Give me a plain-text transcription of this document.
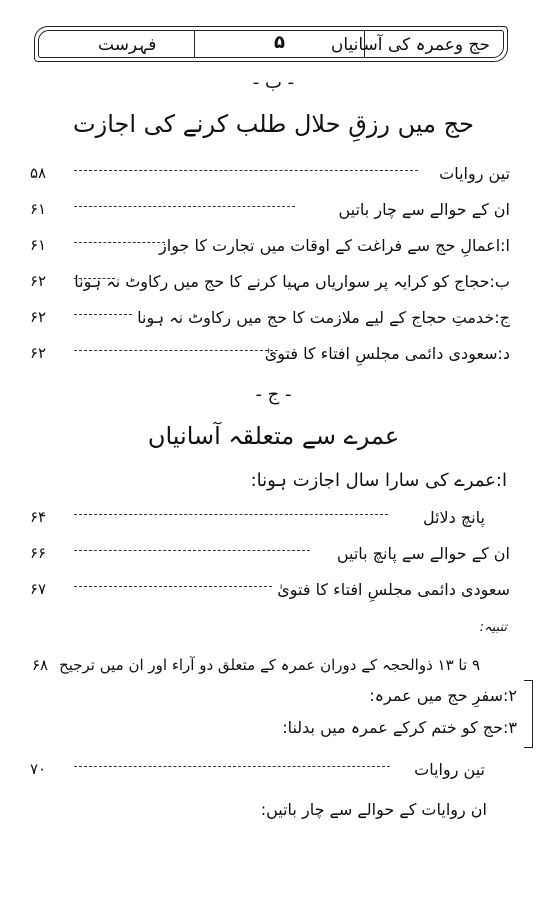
حج وعمرہ کی آسانیاں
۵
فہرست
- ب -
حج میں رزقِ حلال طلب کرنے کی اجازت
تین روایات
۵۸
ان کے حوالے سے چار باتیں
۶۱
ا:اعمالِ حج سے فراغت کے اوقات میں تجارت کا جواز
۶۱
ب:حجاج کو کرایہ پر سواریاں مہیا کرنے کا حج میں رکاوٹ نہ ہونا
۶۲
ج:خدمتِ حجاج کے لیے ملازمت کا حج میں رکاوٹ نہ ہونا
۶۲
د:سعودی دائمی مجلسِ افتاء کا فتویٰ
۶۲
- ج -
عمرے سے متعلقہ آسانیاں
ا:عمرے کی سارا سال اجازت ہونا:
پانچ دلائل
۶۴
ان کے حوالے سے پانچ باتیں
۶۶
سعودی دائمی مجلسِ افتاء کا فتویٰ
۶۷
تنبیہ:
۹ تا ۱۳ ذوالحجہ کے دوران عمرہ کے متعلق دو آراء اور ان میں ترجیح
۶۸
۲:سفرِ حج میں عمرہ:
۳:حج کو ختم کرکے عمرہ میں بدلنا:
تین روایات
۷۰
ان روایات کے حوالے سے چار باتیں:
